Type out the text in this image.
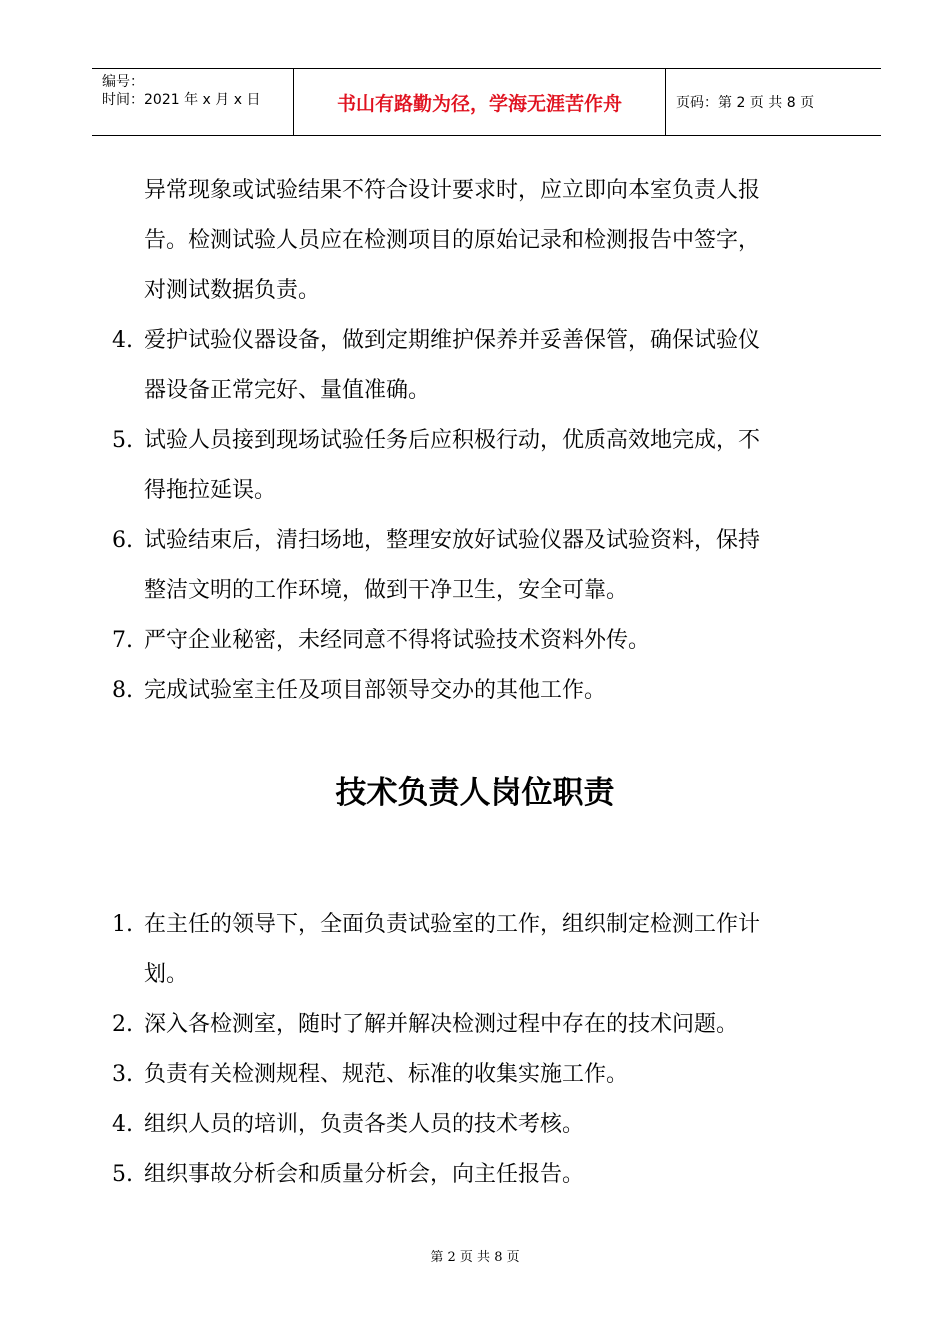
编号：
时间：2021 年 x 月 x 日	书山有路勤为径，学海无涯苦作舟	页码：第 2 页 共 8 页
异常现象或试验结果不符合设计要求时，应立即向本室负责人报
告。检测试验人员应在检测项目的原始记录和检测报告中签字，
对测试数据负责。
4. 爱护试验仪器设备，做到定期维护保养并妥善保管，确保试验仪
器设备正常完好、量值准确。
5. 试验人员接到现场试验任务后应积极行动，优质高效地完成，不
得拖拉延误。
6. 试验结束后，清扫场地，整理安放好试验仪器及试验资料，保持
整洁文明的工作环境，做到干净卫生，安全可靠。
7. 严守企业秘密，未经同意不得将试验技术资料外传。
8. 完成试验室主任及项目部领导交办的其他工作。
技术负责人岗位职责
1. 在主任的领导下，全面负责试验室的工作，组织制定检测工作计
划。
2. 深入各检测室，随时了解并解决检测过程中存在的技术问题。
3. 负责有关检测规程、规范、标准的收集实施工作。
4. 组织人员的培训，负责各类人员的技术考核。
5. 组织事故分析会和质量分析会，向主任报告。
第 2 页 共 8 页
